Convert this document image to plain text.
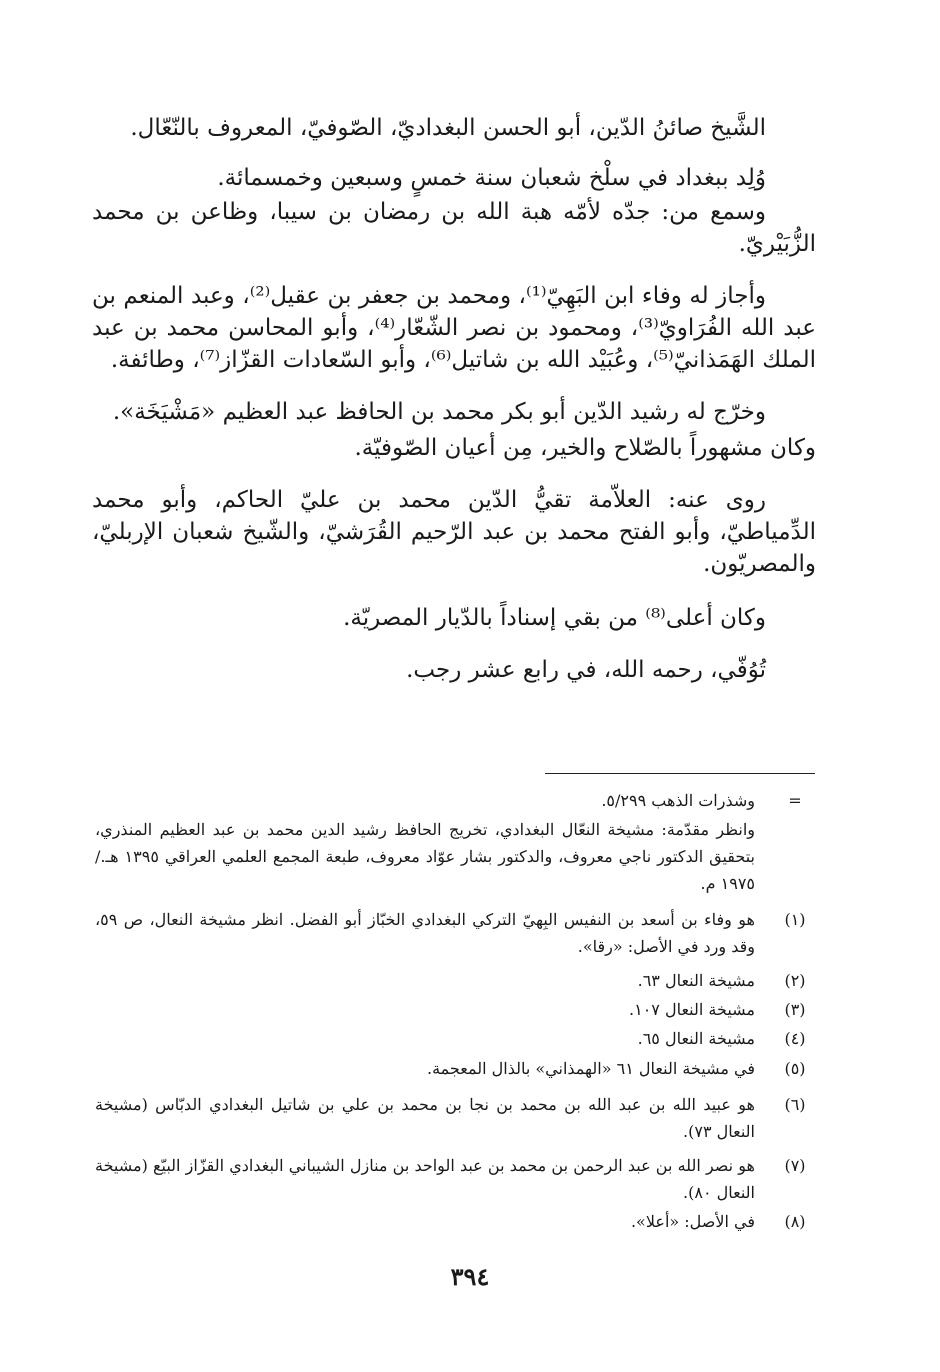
الشَّيخ صائنُ الدّين، أبو الحسن البغداديّ، الصّوفيّ، المعروف بالنّعّال.

وُلِد ببغداد في سلْخ شعبان سنة خمسٍ وسبعين وخمسمائة.

وسمع من: جدّه لأمّه هبة الله بن رمضان بن سيبا، وظاعن بن محمد الزُّبَيْريّ.

وأجاز له وفاء ابن البَهِيّ⁽¹⁾، ومحمد بن جعفر بن عقيل⁽²⁾، وعبد المنعم بن عبد الله الفُرَاويّ⁽³⁾، ومحمود بن نصر الشّعّار⁽⁴⁾، وأبو المحاسن محمد بن عبد الملك الهَمَذانيّ⁽⁵⁾، وعُبَيْد الله بن شاتيل⁽⁶⁾، وأبو السّعادات القزّاز⁽⁷⁾، وطائفة.

وخرّج له رشيد الدّين أبو بكر محمد بن الحافظ عبد العظيم «مَشْيَخَة».

وكان مشهوراً بالصّلاح والخير، مِن أعيان الصّوفيّة.

روى عنه: العلاّمة تقيُّ الدّين محمد بن عليّ الحاكم، وأبو محمد الدِّمياطيّ، وأبو الفتح محمد بن عبد الرّحيم القُرَشيّ، والشّيخ شعبان الإربليّ، والمصريّون.

وكان أعلى⁽⁸⁾ من بقي إسناداً بالدّيار المصريّة.

تُوُفّي، رحمه الله، في رابع عشر رجب.

=
وشذرات الذهب ٥/٢٩٩.
وانظر مقدّمة: مشيخة النعّال البغدادي، تخريج الحافظ رشيد الدين محمد بن عبد العظيم المنذري، بتحقيق الدكتور ناجي معروف، والدكتور بشار عوّاد معروف، طبعة المجمع العلمي العراقي ١٣٩٥ هـ./ ١٩٧٥ م.
(١)
هو وفاء بن أسعد بن النفيس البِهيّ التركي البغدادي الخبّاز أبو الفضل. انظر مشيخة النعال، ص ٥٩، وقد ورد في الأصل: «رقا».
(٢)
مشيخة النعال ٦٣.
(٣)
مشيخة النعال ١٠٧.
(٤)
مشيخة النعال ٦٥.
(٥)
في مشيخة النعال ٦١ «الهمذاني» بالذال المعجمة.
(٦)
هو عبيد الله بن عبد الله بن محمد بن نجا بن محمد بن علي بن شاتيل البغدادي الدبّاس (مشيخة النعال ٧٣).
(٧)
هو نصر الله بن عبد الرحمن بن محمد بن عبد الواحد بن منازل الشيباني البغدادي القزّاز البيّع (مشيخة النعال ٨٠).
(٨)
في الأصل: «أعلا».
٣٩٤
